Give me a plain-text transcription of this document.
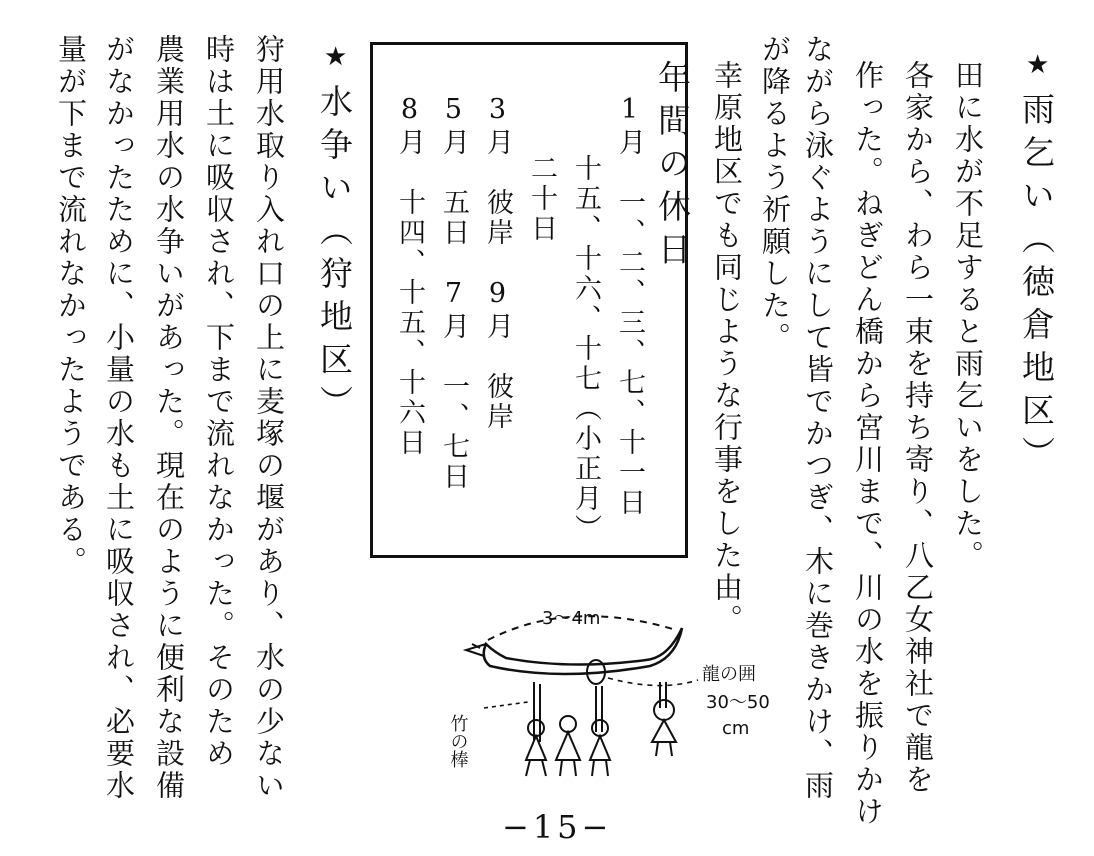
★
雨乞い（徳倉地区）
田に水が不足すると雨乞いをした。
各家から、わら一束を持ち寄り、八乙女神社で龍を
作った。ねぎどん橋から宮川まで、川の水を振りかけ
ながら泳ぐようにして皆でかつぎ、木に巻きかけ、雨
が降るよう祈願した。
幸原地区でも同じような行事をした由。
年間の休日
1月　一、二、三、七、十一日
　　十五、十六、十七（小正月）
　　二十日
3月　彼岸　9月　彼岸
5月　五日　7月　一、七日
8月　十四、十五、十六日
★
水争い（狩地区）
狩用水取り入れ口の上に麦塚の堰があり、水の少ない
時は土に吸収され、下まで流れなかった。そのため
農業用水の水争いがあった。現在のように便利な設備
がなかったために、小量の水も土に吸収され、必要水
量が下まで流れなかったようである。
3〜4m
龍の囲
30〜50
cm
竹の棒
−15−
